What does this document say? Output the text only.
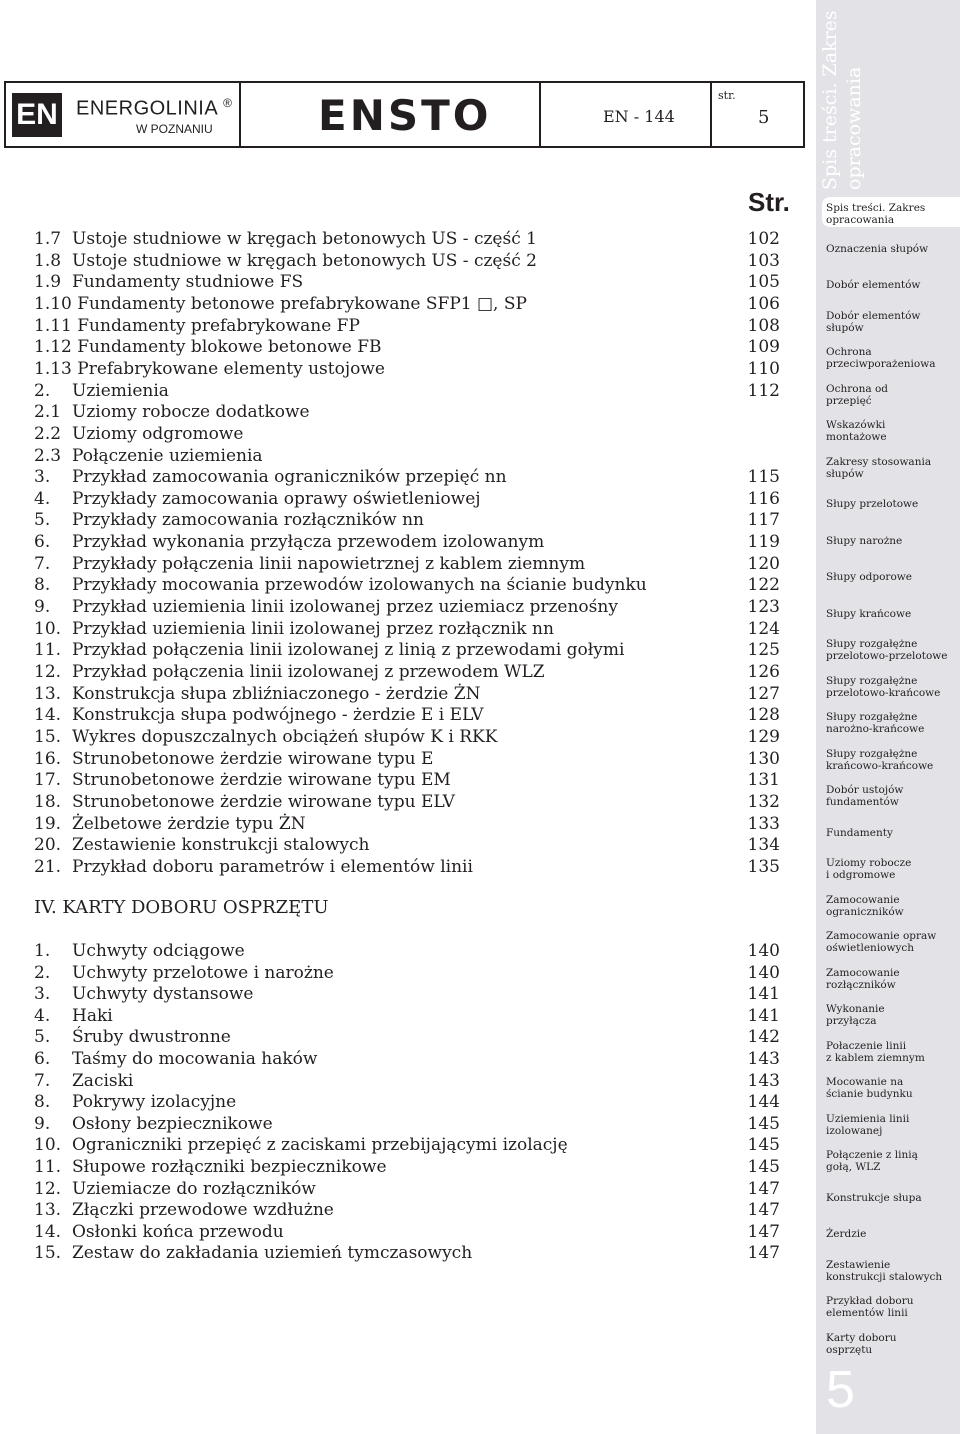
EN ENERGOLINIA ®
W POZNANIU	ENSTO	EN - 144
str.
5
Str.
1.7 Ustoje studniowe w kręgach betonowych US - część 1	102
1.8 Ustoje studniowe w kręgach betonowych US - część 2	103
1.9 Fundamenty studniowe FS	105
1.10 Fundamenty betonowe prefabrykowane SFP1 □, SP	106
1.11 Fundamenty prefabrykowane FP	108
1.12 Fundamenty blokowe betonowe FB	109
1.13 Prefabrykowane elementy ustojowe	110
2. Uziemienia	112
2.1 Uziomy robocze dodatkowe
2.2 Uziomy odgromowe
2.3 Połączenie uziemienia
3. Przykład zamocowania ograniczników przepięć nn	115
4. Przykłady zamocowania oprawy oświetleniowej	116
5. Przykłady zamocowania rozłączników nn	117
6. Przykład wykonania przyłącza przewodem izolowanym	119
7. Przykłady połączenia linii napowietrznej z kablem ziemnym	120
8. Przykłady mocowania przewodów izolowanych na ścianie budynku	122
9. Przykład uziemienia linii izolowanej przez uziemiacz przenośny	123
10. Przykład uziemienia linii izolowanej przez rozłącznik nn	124
11. Przykład połączenia linii izolowanej z linią z przewodami gołymi	125
12. Przykład połączenia linii izolowanej z przewodem WLZ	126
13. Konstrukcja słupa zbliźniaczonego - żerdzie ŻN	127
14. Konstrukcja słupa podwójnego - żerdzie E i ELV	128
15. Wykres dopuszczalnych obciążeń słupów K i RKK	129
16. Strunobetonowe żerdzie wirowane typu E	130
17. Strunobetonowe żerdzie wirowane typu EM	131
18. Strunobetonowe żerdzie wirowane typu ELV	132
19. Żelbetowe żerdzie typu ŻN	133
20. Zestawienie konstrukcji stalowych	134
21. Przykład doboru parametrów i elementów linii	135
IV. KARTY DOBORU OSPRZĘTU
1. Uchwyty odciągowe	140
2. Uchwyty przelotowe i narożne	140
3. Uchwyty dystansowe	141
4. Haki	141
5. Śruby dwustronne	142
6. Taśmy do mocowania haków	143
7. Zaciski	143
8. Pokrywy izolacyjne	144
9. Osłony bezpiecznikowe	145
10. Ograniczniki przepięć z zaciskami przebijającymi izolację	145
11. Słupowe rozłączniki bezpiecznikowe	145
12. Uziemiacze do rozłączników	147
13. Złączki przewodowe wzdłużne	147
14. Osłonki końca przewodu	147
15. Zestaw do zakładania uziemień tymczasowych	147
Spis treści. Zakres opracowania
Spis treści. Zakres
opracowania
Oznaczenia słupów
Dobór elementów
Dobór elementów
słupów
Ochrona
przeciwporażeniowa
Ochrona od
przepięć
Wskazówki
montażowe
Zakresy stosowania
słupów
Słupy przelotowe
Słupy narożne
Słupy odporowe
Słupy krańcowe
Słupy rozgałężne
przelotowo-przelotowe
Słupy rozgałężne
przelotowo-krańcowe
Słupy rozgałężne
narożno-krańcowe
Słupy rozgałężne
krańcowo-krańcowe
Dobór ustojów
fundamentów
Fundamenty
Uziomy robocze
i odgromowe
Zamocowanie
ograniczników
Zamocowanie opraw
oświetleniowych
Zamocowanie
rozłączników
Wykonanie
przyłącza
Połaczenie linii
z kablem ziemnym
Mocowanie na
ścianie budynku
Uziemienia linii
izolowanej
Połączenie z linią
gołą, WLZ
Konstrukcje słupa
Żerdzie
Zestawienie
konstrukcji stalowych
Przykład doboru
elementów linii
Karty doboru
osprzętu
5
